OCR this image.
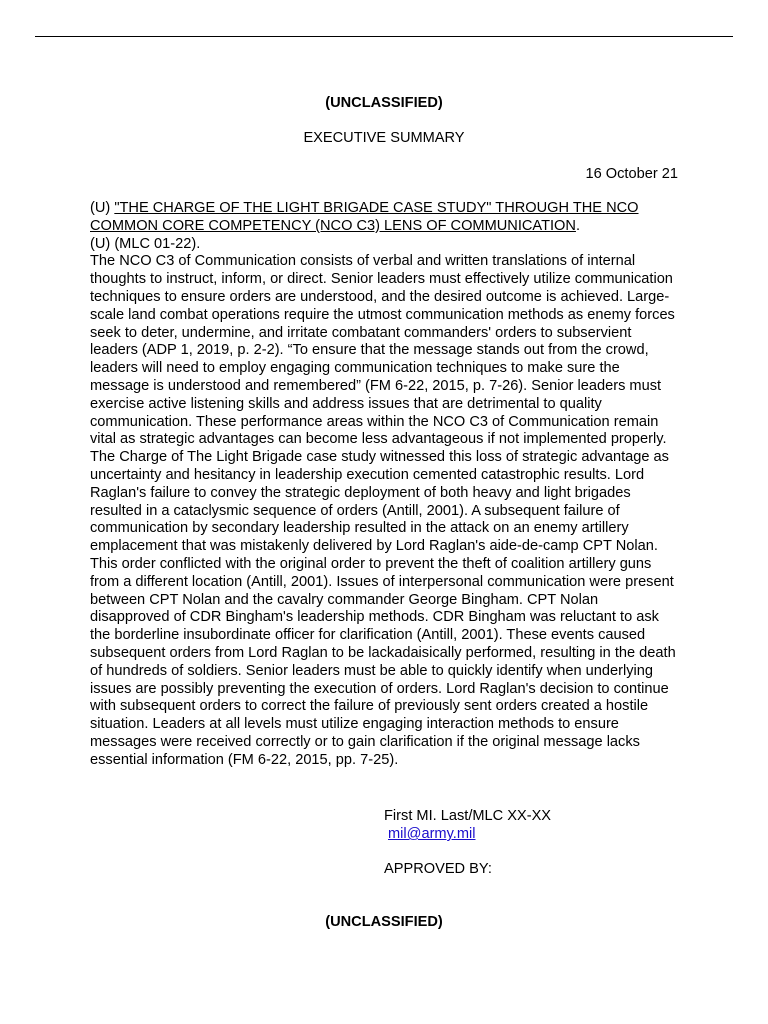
(UNCLASSIFIED)
EXECUTIVE SUMMARY
16 October 21

(U) "THE CHARGE OF THE LIGHT BRIGADE CASE STUDY" THROUGH THE NCO COMMON CORE COMPETENCY (NCO C3) LENS OF COMMUNICATION.

(U) (MLC 01-22).

The NCO C3 of Communication consists of verbal and written translations of internal thoughts to instruct, inform, or direct. Senior leaders must effectively utilize communication techniques to ensure orders are understood, and the desired outcome is achieved. Large-scale land combat operations require the utmost communication methods as enemy forces seek to deter, undermine, and irritate combatant commanders' orders to subservient leaders (ADP 1, 2019, p. 2-2). “To ensure that the message stands out from the crowd, leaders will need to employ engaging communication techniques to make sure the message is understood and remembered” (FM 6-22, 2015, p. 7-26). Senior leaders must exercise active listening skills and address issues that are detrimental to quality communication. These performance areas within the NCO C3 of Communication remain vital as strategic advantages can become less advantageous if not implemented properly. The Charge of The Light Brigade case study witnessed this loss of strategic advantage as uncertainty and hesitancy in leadership execution cemented catastrophic results. Lord Raglan's failure to convey the strategic deployment of both heavy and light brigades resulted in a cataclysmic sequence of orders (Antill, 2001). A subsequent failure of communication by secondary leadership resulted in the attack on an enemy artillery emplacement that was mistakenly delivered by Lord Raglan's aide-de-camp CPT Nolan. This order conflicted with the original order to prevent the theft of coalition artillery guns from a different location (Antill, 2001). Issues of interpersonal communication were present between CPT Nolan and the cavalry commander George Bingham. CPT Nolan disapproved of CDR Bingham's leadership methods. CDR Bingham was reluctant to ask the borderline insubordinate officer for clarification (Antill, 2001). These events caused subsequent orders from Lord Raglan to be lackadaisically performed, resulting in the death of hundreds of soldiers. Senior leaders must be able to quickly identify when underlying issues are possibly preventing the execution of orders. Lord Raglan's decision to continue with subsequent orders to correct the failure of previously sent orders created a hostile situation. Leaders at all levels must utilize engaging interaction methods to ensure messages were received correctly or to gain clarification if the original message lacks essential information (FM 6-22, 2015, pp. 7-25).

First MI. Last/MLC XX-XX
mil@army.mil
APPROVED BY:
(UNCLASSIFIED)
